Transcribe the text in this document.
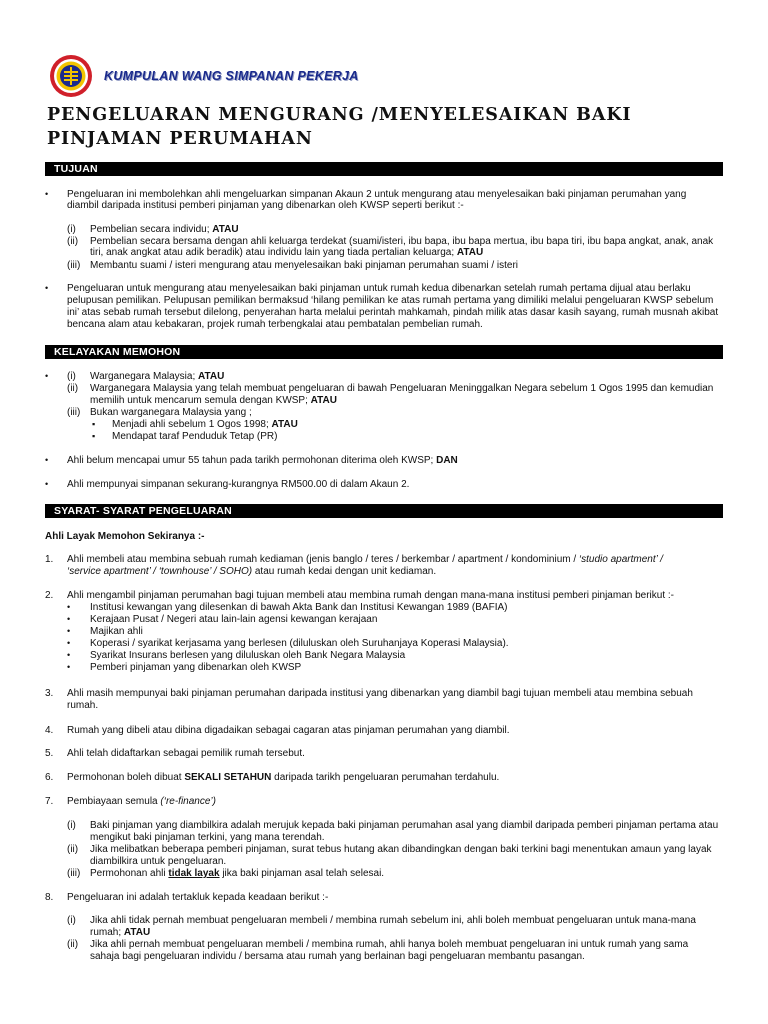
KUMPULAN WANG SIMPANAN PEKERJA
PENGELUARAN MENGURANG /MENYELESAIKAN BAKI
PINJAMAN PERUMAHAN
TUJUAN
• Pengeluaran ini membolehkan ahli mengeluarkan simpanan Akaun 2 untuk mengurang atau menyelesaikan baki pinjaman perumahan yang
diambil daripada institusi pemberi pinjaman yang dibenarkan oleh KWSP seperti berikut :-
(i) Pembelian secara individu; ATAU
(ii) Pembelian secara bersama dengan ahli keluarga terdekat (suami/isteri, ibu bapa, ibu bapa mertua, ibu bapa tiri, ibu bapa angkat, anak, anak
tiri, anak angkat atau adik beradik) atau individu lain yang tiada pertalian keluarga; ATAU
(iii) Membantu suami / isteri mengurang atau menyelesaikan baki pinjaman perumahan suami / isteri
• Pengeluaran untuk mengurang atau menyelesaikan baki pinjaman untuk rumah kedua dibenarkan setelah rumah pertama dijual atau berlaku
pelupusan pemilikan. Pelupusan pemilikan bermaksud ‘hilang pemilikan ke atas rumah pertama yang dimiliki melalui pengeluaran KWSP sebelum
ini’ atas sebab rumah tersebut dilelong, penyerahan harta melalui perintah mahkamah, pindah milik atas dasar kasih sayang, rumah musnah akibat
bencana alam atau kebakaran, projek rumah terbengkalai atau pembatalan pembelian rumah.
KELAYAKAN MEMOHON
• (i) Warganegara Malaysia; ATAU
(ii) Warganegara Malaysia yang telah membuat pengeluaran di bawah Pengeluaran Meninggalkan Negara sebelum 1 Ogos 1995 dan kemudian
memilih untuk mencarum semula dengan KWSP; ATAU
(iii) Bukan warganegara Malaysia yang ;
▪ Menjadi ahli sebelum 1 Ogos 1998; ATAU
▪ Mendapat taraf Penduduk Tetap (PR)
• Ahli belum mencapai umur 55 tahun pada tarikh permohonan diterima oleh KWSP; DAN
• Ahli mempunyai simpanan sekurang-kurangnya RM500.00 di dalam Akaun 2.
SYARAT- SYARAT PENGELUARAN
Ahli Layak Memohon Sekiranya :-
1. Ahli membeli atau membina sebuah rumah kediaman (jenis banglo / teres / berkembar / apartment / kondominium / ‘studio apartment’ /
‘service apartment’ / ‘townhouse’ / SOHO) atau rumah kedai dengan unit kediaman.
2. Ahli mengambil pinjaman perumahan bagi tujuan membeli atau membina rumah dengan mana-mana institusi pemberi pinjaman berikut :-
• Institusi kewangan yang dilesenkan di bawah Akta Bank dan Institusi Kewangan 1989 (BAFIA)
• Kerajaan Pusat / Negeri atau lain-lain agensi kewangan kerajaan
• Majikan ahli
• Koperasi / syarikat kerjasama yang berlesen (diluluskan oleh Suruhanjaya Koperasi Malaysia).
• Syarikat Insurans berlesen yang diluluskan oleh Bank Negara Malaysia
• Pemberi pinjaman yang dibenarkan oleh KWSP
3. Ahli masih mempunyai baki pinjaman perumahan daripada institusi yang dibenarkan yang diambil bagi tujuan membeli atau membina sebuah
rumah.
4. Rumah yang dibeli atau dibina digadaikan sebagai cagaran atas pinjaman perumahan yang diambil.
5. Ahli telah didaftarkan sebagai pemilik rumah tersebut.
6. Permohonan boleh dibuat SEKALI SETAHUN daripada tarikh pengeluaran perumahan terdahulu.
7. Pembiayaan semula (‘re-finance’)
(i) Baki pinjaman yang diambilkira adalah merujuk kepada baki pinjaman perumahan asal yang diambil daripada pemberi pinjaman pertama atau
mengikut baki pinjaman terkini, yang mana terendah.
(ii) Jika melibatkan beberapa pemberi pinjaman, surat tebus hutang akan dibandingkan dengan baki terkini bagi menentukan amaun yang layak
diambilkira untuk pengeluaran.
(iii) Permohonan ahli tidak layak jika baki pinjaman asal telah selesai.
8. Pengeluaran ini adalah tertakluk kepada keadaan berikut :-
(i) Jika ahli tidak pernah membuat pengeluaran membeli / membina rumah sebelum ini, ahli boleh membuat pengeluaran untuk mana-mana
rumah; ATAU
(ii) Jika ahli pernah membuat pengeluaran membeli / membina rumah, ahli hanya boleh membuat pengeluaran ini untuk rumah yang sama
sahaja bagi pengeluaran individu / bersama atau rumah yang berlainan bagi pengeluaran membantu pasangan.
